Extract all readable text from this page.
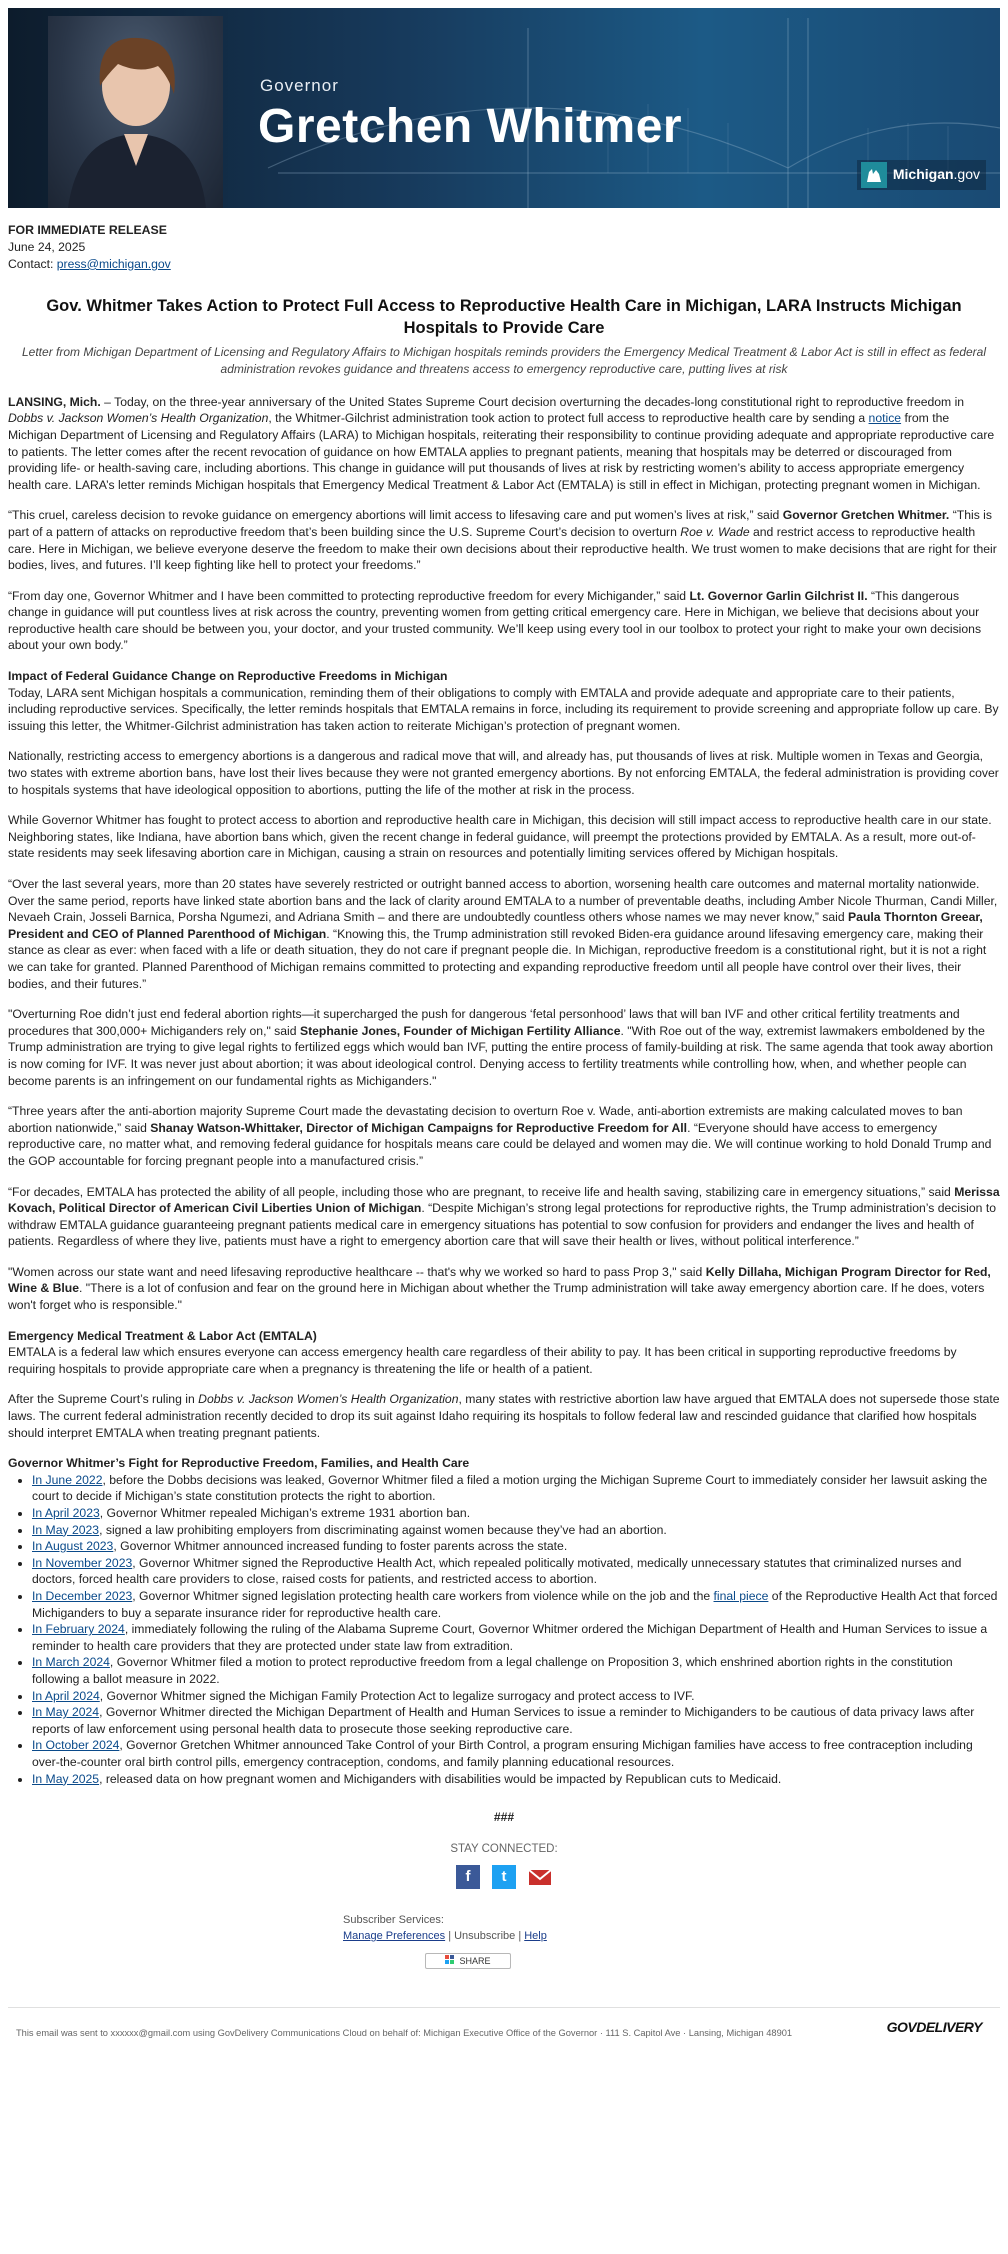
Governor
Gretchen Whitmer
Michigan.gov
FOR IMMEDIATE RELEASE
June 24, 2025
Contact: press@michigan.gov
Gov. Whitmer Takes Action to Protect Full Access to Reproductive Health Care in Michigan, LARA Instructs Michigan Hospitals to Provide Care
Letter from Michigan Department of Licensing and Regulatory Affairs to Michigan hospitals reminds providers the Emergency Medical Treatment & Labor Act is still in effect as federal administration revokes guidance and threatens access to emergency reproductive care, putting lives at risk

LANSING, Mich. – Today, on the three-year anniversary of the United States Supreme Court decision overturning the decades-long constitutional right to reproductive freedom in Dobbs v. Jackson Women’s Health Organization, the Whitmer-Gilchrist administration took action to protect full access to reproductive health care by sending a notice from the Michigan Department of Licensing and Regulatory Affairs (LARA) to Michigan hospitals, reiterating their responsibility to continue providing adequate and appropriate reproductive care to patients. The letter comes after the recent revocation of guidance on how EMTALA applies to pregnant patients, meaning that hospitals may be deterred or discouraged from providing life- or health-saving care, including abortions. This change in guidance will put thousands of lives at risk by restricting women’s ability to access appropriate emergency health care. LARA’s letter reminds Michigan hospitals that Emergency Medical Treatment & Labor Act (EMTALA) is still in effect in Michigan, protecting pregnant women in Michigan.

“This cruel, careless decision to revoke guidance on emergency abortions will limit access to lifesaving care and put women’s lives at risk,” said Governor Gretchen Whitmer. “This is part of a pattern of attacks on reproductive freedom that’s been building since the U.S. Supreme Court’s decision to overturn Roe v. Wade and restrict access to reproductive health care. Here in Michigan, we believe everyone deserve the freedom to make their own decisions about their reproductive health. We trust women to make decisions that are right for their bodies, lives, and futures. I’ll keep fighting like hell to protect your freedoms.”

“From day one, Governor Whitmer and I have been committed to protecting reproductive freedom for every Michigander,” said Lt. Governor Garlin Gilchrist II. “This dangerous change in guidance will put countless lives at risk across the country, preventing women from getting critical emergency care. Here in Michigan, we believe that decisions about your reproductive health care should be between you, your doctor, and your trusted community. We’ll keep using every tool in our toolbox to protect your right to make your own decisions about your own body.”

Impact of Federal Guidance Change on Reproductive Freedoms in Michigan

Today, LARA sent Michigan hospitals a communication, reminding them of their obligations to comply with EMTALA and provide adequate and appropriate care to their patients, including reproductive services. Specifically, the letter reminds hospitals that EMTALA remains in force, including its requirement to provide screening and appropriate follow up care. By issuing this letter, the Whitmer-Gilchrist administration has taken action to reiterate Michigan’s protection of pregnant women.

Nationally, restricting access to emergency abortions is a dangerous and radical move that will, and already has, put thousands of lives at risk. Multiple women in Texas and Georgia, two states with extreme abortion bans, have lost their lives because they were not granted emergency abortions. By not enforcing EMTALA, the federal administration is providing cover to hospitals systems that have ideological opposition to abortions, putting the life of the mother at risk in the process.

While Governor Whitmer has fought to protect access to abortion and reproductive health care in Michigan, this decision will still impact access to reproductive health care in our state. Neighboring states, like Indiana, have abortion bans which, given the recent change in federal guidance, will preempt the protections provided by EMTALA. As a result, more out-of-state residents may seek lifesaving abortion care in Michigan, causing a strain on resources and potentially limiting services offered by Michigan hospitals.

“Over the last several years, more than 20 states have severely restricted or outright banned access to abortion, worsening health care outcomes and maternal mortality nationwide. Over the same period, reports have linked state abortion bans and the lack of clarity around EMTALA to a number of preventable deaths, including Amber Nicole Thurman, Candi Miller, Nevaeh Crain, Josseli Barnica, Porsha Ngumezi, and Adriana Smith – and there are undoubtedly countless others whose names we may never know,” said Paula Thornton Greear, President and CEO of Planned Parenthood of Michigan. “Knowing this, the Trump administration still revoked Biden-era guidance around lifesaving emergency care, making their stance as clear as ever: when faced with a life or death situation, they do not care if pregnant people die. In Michigan, reproductive freedom is a constitutional right, but it is not a right we can take for granted. Planned Parenthood of Michigan remains committed to protecting and expanding reproductive freedom until all people have control over their lives, their bodies, and their futures.”

"Overturning Roe didn’t just end federal abortion rights—it supercharged the push for dangerous ‘fetal personhood’ laws that will ban IVF and other critical fertility treatments and procedures that 300,000+ Michiganders rely on," said Stephanie Jones, Founder of Michigan Fertility Alliance. "With Roe out of the way, extremist lawmakers emboldened by the Trump administration are trying to give legal rights to fertilized eggs which would ban IVF, putting the entire process of family-building at risk. The same agenda that took away abortion is now coming for IVF. It was never just about abortion; it was about ideological control. Denying access to fertility treatments while controlling how, when, and whether people can become parents is an infringement on our fundamental rights as Michiganders."

“Three years after the anti-abortion majority Supreme Court made the devastating decision to overturn Roe v. Wade, anti-abortion extremists are making calculated moves to ban abortion nationwide,” said Shanay Watson-Whittaker, Director of Michigan Campaigns for Reproductive Freedom for All. “Everyone should have access to emergency reproductive care, no matter what, and removing federal guidance for hospitals means care could be delayed and women may die. We will continue working to hold Donald Trump and the GOP accountable for forcing pregnant people into a manufactured crisis.”

“For decades, EMTALA has protected the ability of all people, including those who are pregnant, to receive life and health saving, stabilizing care in emergency situations,” said Merissa Kovach, Political Director of American Civil Liberties Union of Michigan. “Despite Michigan’s strong legal protections for reproductive rights, the Trump administration’s decision to withdraw EMTALA guidance guaranteeing pregnant patients medical care in emergency situations has potential to sow confusion for providers and endanger the lives and health of patients. Regardless of where they live, patients must have a right to emergency abortion care that will save their health or lives, without political interference.”

"Women across our state want and need lifesaving reproductive healthcare -- that's why we worked so hard to pass Prop 3," said Kelly Dillaha, Michigan Program Director for Red, Wine & Blue. "There is a lot of confusion and fear on the ground here in Michigan about whether the Trump administration will take away emergency abortion care. If he does, voters won't forget who is responsible."

Emergency Medical Treatment & Labor Act (EMTALA)

EMTALA is a federal law which ensures everyone can access emergency health care regardless of their ability to pay. It has been critical in supporting reproductive freedoms by requiring hospitals to provide appropriate care when a pregnancy is threatening the life or health of a patient.

After the Supreme Court’s ruling in Dobbs v. Jackson Women’s Health Organization, many states with restrictive abortion law have argued that EMTALA does not supersede those state laws. The current federal administration recently decided to drop its suit against Idaho requiring its hospitals to follow federal law and rescinded guidance that clarified how hospitals should interpret EMTALA when treating pregnant patients.

Governor Whitmer’s Fight for Reproductive Freedom, Families, and Health Care
• In June 2022, before the Dobbs decisions was leaked, Governor Whitmer filed a filed a motion urging the Michigan Supreme Court to immediately consider her lawsuit asking the court to decide if Michigan’s state constitution protects the right to abortion.
• In April 2023, Governor Whitmer repealed Michigan’s extreme 1931 abortion ban.
• In May 2023, signed a law prohibiting employers from discriminating against women because they’ve had an abortion.
• In August 2023, Governor Whitmer announced increased funding to foster parents across the state.
• In November 2023, Governor Whitmer signed the Reproductive Health Act, which repealed politically motivated, medically unnecessary statutes that criminalized nurses and doctors, forced health care providers to close, raised costs for patients, and restricted access to abortion.
• In December 2023, Governor Whitmer signed legislation protecting health care workers from violence while on the job and the final piece of the Reproductive Health Act that forced Michiganders to buy a separate insurance rider for reproductive health care.
• In February 2024, immediately following the ruling of the Alabama Supreme Court, Governor Whitmer ordered the Michigan Department of Health and Human Services to issue a reminder to health care providers that they are protected under state law from extradition.
• In March 2024, Governor Whitmer filed a motion to protect reproductive freedom from a legal challenge on Proposition 3, which enshrined abortion rights in the constitution following a ballot measure in 2022.
• In April 2024, Governor Whitmer signed the Michigan Family Protection Act to legalize surrogacy and protect access to IVF.
• In May 2024, Governor Whitmer directed the Michigan Department of Health and Human Services to issue a reminder to Michiganders to be cautious of data privacy laws after reports of law enforcement using personal health data to prosecute those seeking reproductive care.
• In October 2024, Governor Gretchen Whitmer announced Take Control of your Birth Control, a program ensuring Michigan families have access to free contraception including over-the-counter oral birth control pills, emergency contraception, condoms, and family planning educational resources.
• In May 2025, released data on how pregnant women and Michiganders with disabilities would be impacted by Republican cuts to Medicaid.
###
STAY CONNECTED:
f	t
Subscriber Services:
Manage Preferences | Unsubscribe | Help
SHARE
This email was sent to xxxxxx@gmail.com using GovDelivery Communications Cloud on behalf of: Michigan Executive Office of the Governor · 111 S. Capitol Ave · Lansing, Michigan 48901	GOVDELIVERY
